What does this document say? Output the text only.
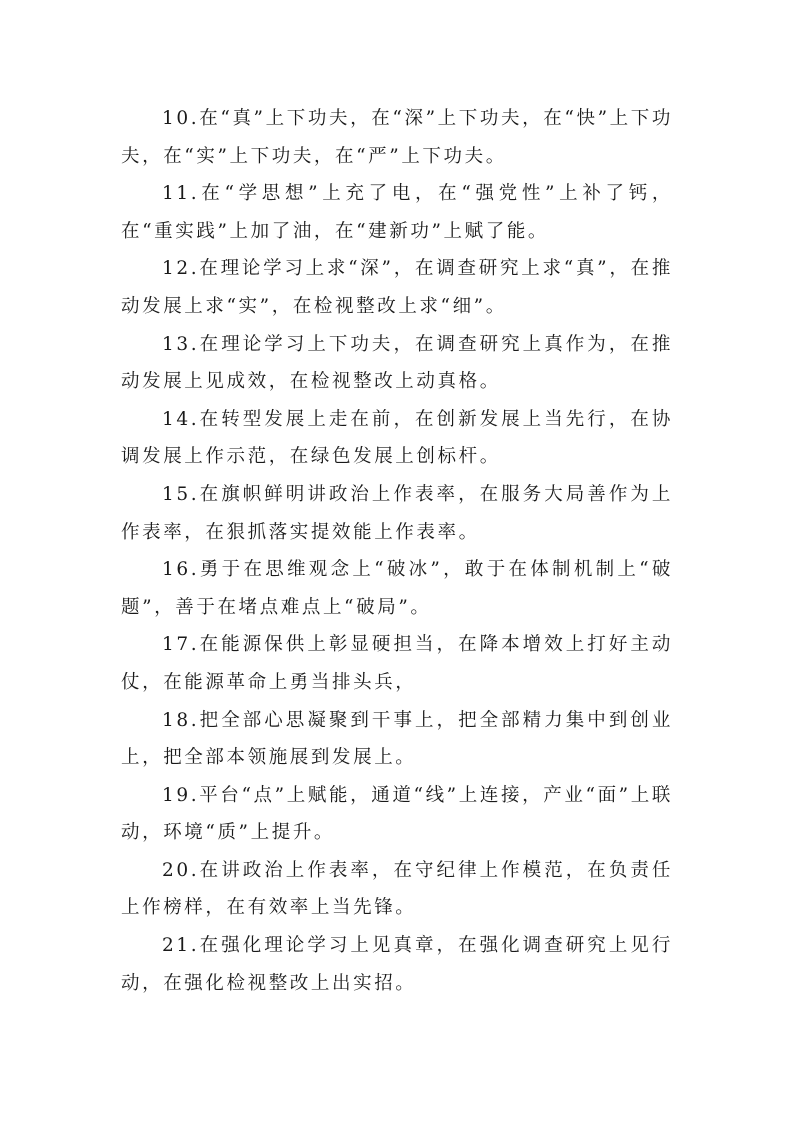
10.在“真”上下功夫，在“深”上下功夫，在“快”上下功夫，在“实”上下功夫，在“严”上下功夫。

11.在“学思想”上充了电，在“强党性”上补了钙，在“重实践”上加了油，在“建新功”上赋了能。

12.在理论学习上求“深”，在调查研究上求“真”，在推动发展上求“实”，在检视整改上求“细”。

13.在理论学习上下功夫，在调查研究上真作为，在推动发展上见成效，在检视整改上动真格。

14.在转型发展上走在前，在创新发展上当先行，在协调发展上作示范，在绿色发展上创标杆。

15.在旗帜鲜明讲政治上作表率，在服务大局善作为上作表率，在狠抓落实提效能上作表率。

16.勇于在思维观念上“破冰”，敢于在体制机制上“破题”，善于在堵点难点上“破局”。

17.在能源保供上彰显硬担当，在降本增效上打好主动仗，在能源革命上勇当排头兵，

18.把全部心思凝聚到干事上，把全部精力集中到创业上，把全部本领施展到发展上。

19.平台“点”上赋能，通道“线”上连接，产业“面”上联动，环境“质”上提升。

20.在讲政治上作表率，在守纪律上作模范，在负责任上作榜样，在有效率上当先锋。

21.在强化理论学习上见真章，在强化调查研究上见行动，在强化检视整改上出实招。
